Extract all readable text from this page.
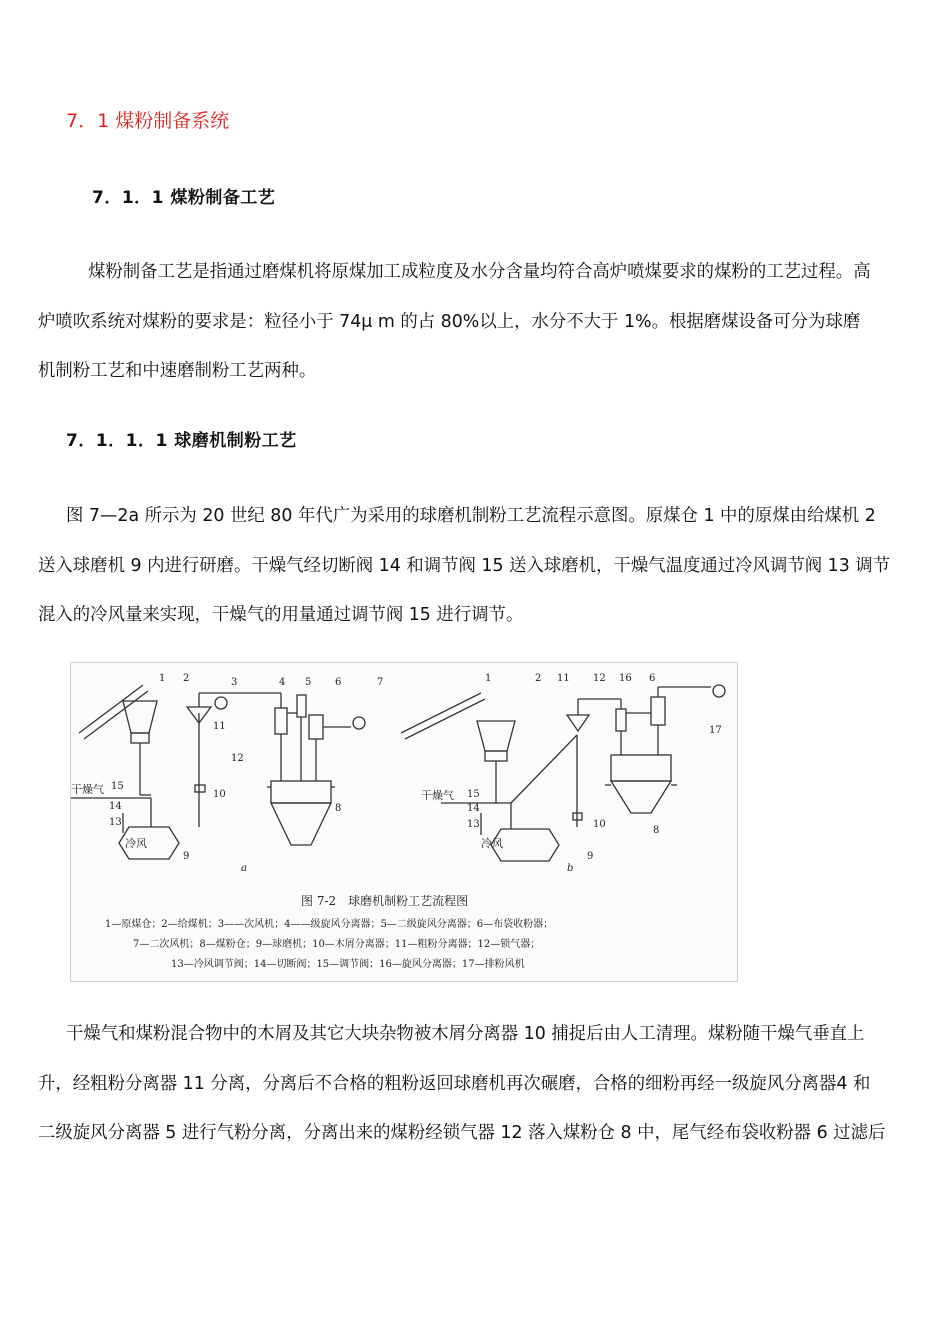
7．1 煤粉制备系统
7．1．1 煤粉制备工艺
煤粉制备工艺是指通过磨煤机将原煤加工成粒度及水分含量均符合高炉喷煤要求的煤粉的工艺过程。高
炉喷吹系统对煤粉的要求是：粒径小于 74μ m 的占 80%以上，水分不大于 1%。根据磨煤设备可分为球磨
机制粉工艺和中速磨制粉工艺两种。
7．1．1．1 球磨机制粉工艺
图 7—2a 所示为 20 世纪 80 年代广为采用的球磨机制粉工艺流程示意图。原煤仓 1 中的原煤由给煤机 2
送入球磨机 9 内进行研磨。干燥气经切断阀 14 和调节阀 15 送入球磨机，干燥气温度通过冷风调节阀 13 调节
混入的冷风量来实现，干燥气的用量通过调节阀 15 进行调节。
1 2	3	4 5 6	7
12
11
10
9
8
15
14
13
干燥气
冷风
a
1	2 11 12 16 6
17
15
14
13	10
9
8
干燥气
冷风
b
图 7-2　球磨机制粉工艺流程图
1—原煤仓；2—给煤机；3——次风机；4——级旋风分离器；5—二级旋风分离器；6—布袋收粉器；
7—二次风机；8—煤粉仓；9—球磨机；10—木屑分离器；11—粗粉分离器；12—锁气器；
13—冷风调节阀；14—切断阀；15—调节阀；16—旋风分离器；17—排粉风机
干燥气和煤粉混合物中的木屑及其它大块杂物被木屑分离器 10 捕捉后由人工清理。煤粉随干燥气垂直上
升，经粗粉分离器 11 分离，分离后不合格的粗粉返回球磨机再次碾磨，合格的细粉再经一级旋风分离器4 和
二级旋风分离器 5 进行气粉分离，分离出来的煤粉经锁气器 12 落入煤粉仓 8 中，尾气经布袋收粉器 6 过滤后
